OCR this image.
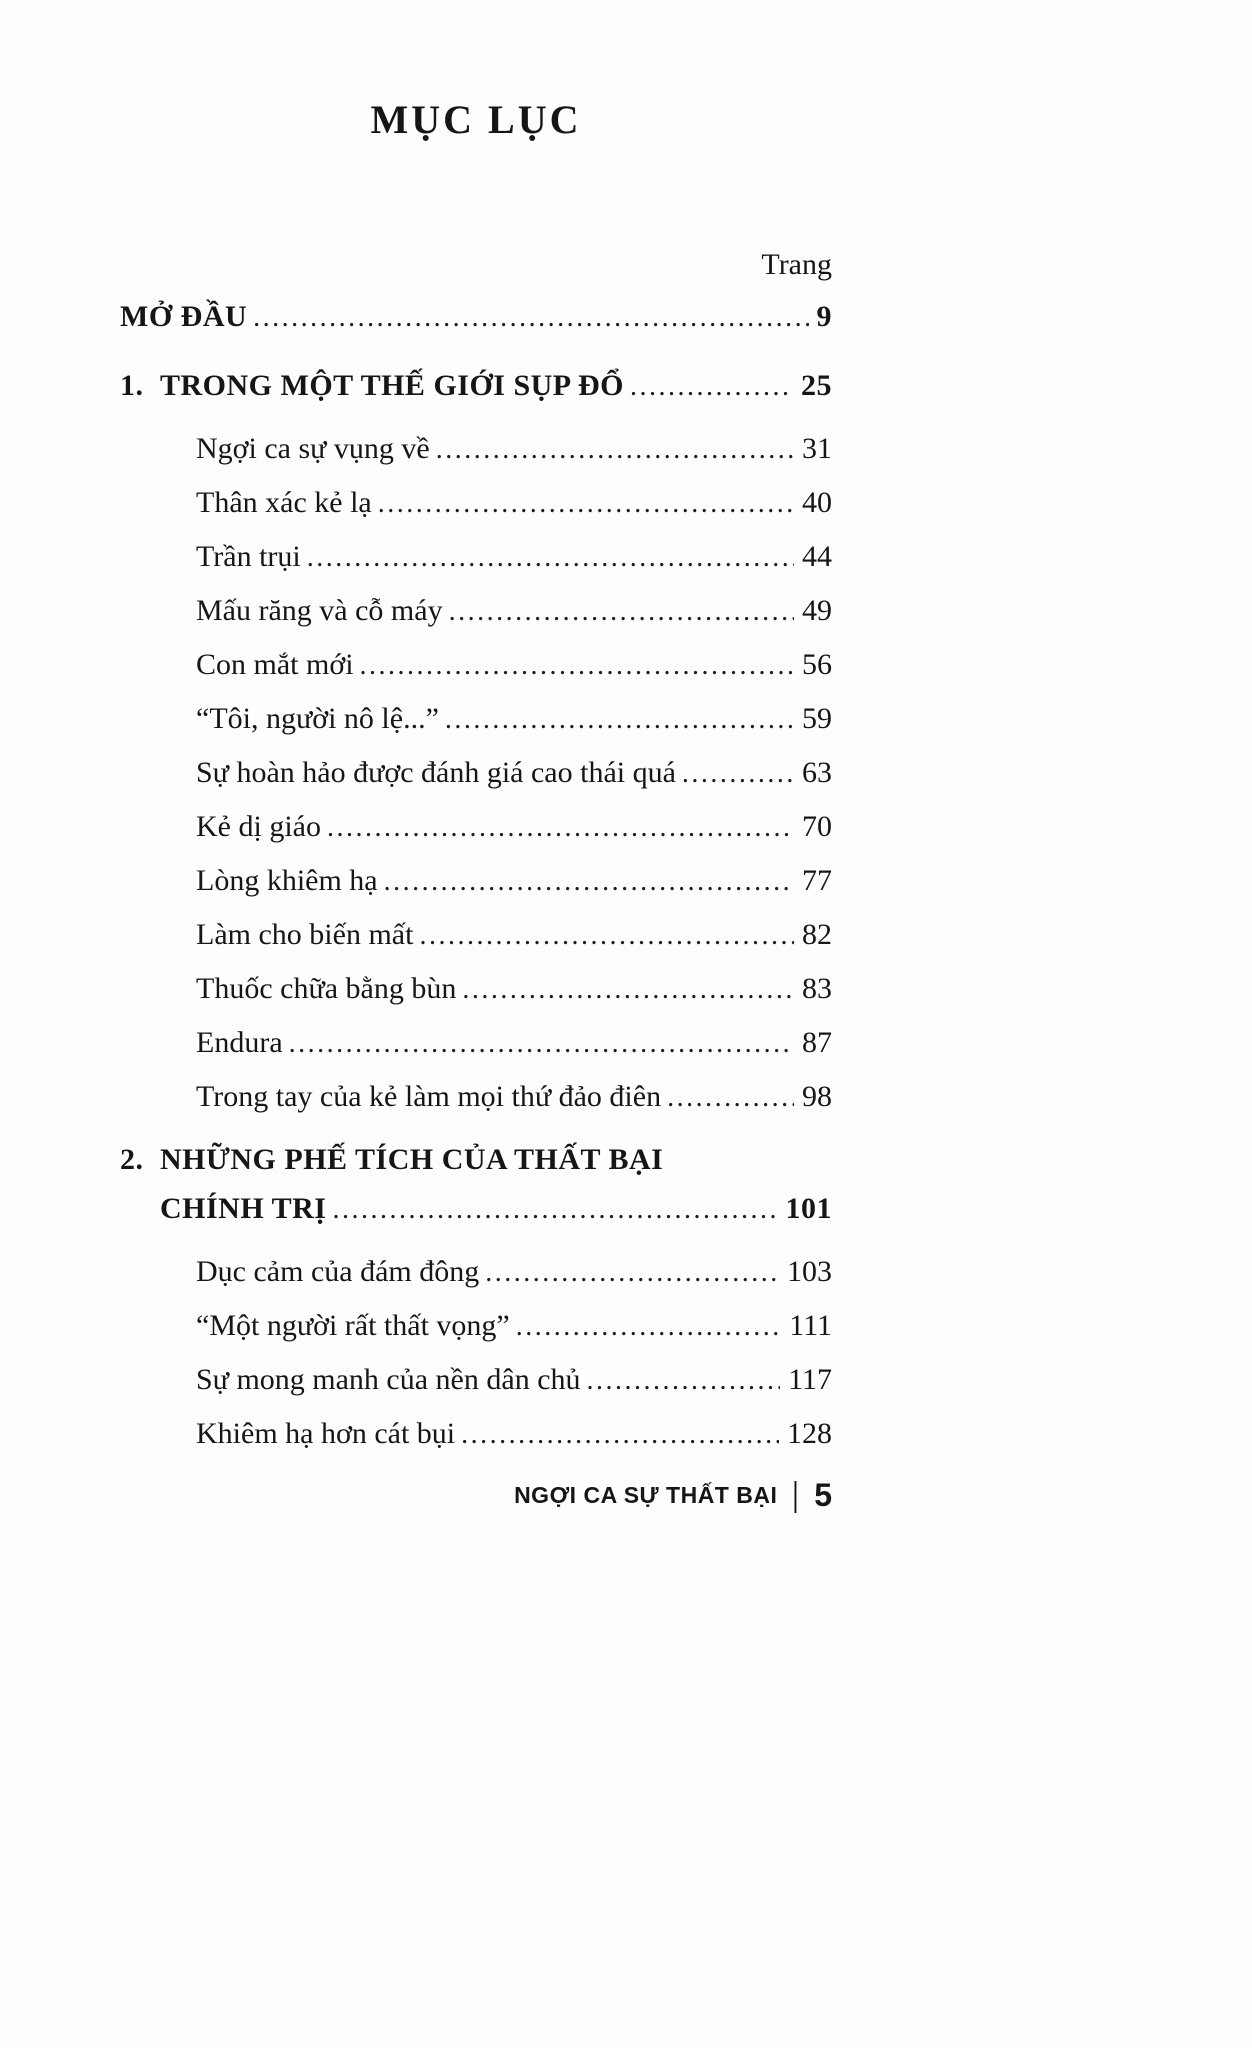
MỤC LỤC
Trang
MỞ ĐẦU .....	9
1. TRONG MỘT THẾ GIỚI SỤP ĐỔ .....	25
Ngợi ca sự vụng về .....	31
Thân xác kẻ lạ .....	40
Trần trụi .....	44
Mấu răng và cỗ máy .....	49
Con mắt mới .....	56
“Tôi, người nô lệ...” .....	59
Sự hoàn hảo được đánh giá cao thái quá .....	63
Kẻ dị giáo .....	70
Lòng khiêm hạ .....	77
Làm cho biến mất .....	82
Thuốc chữa bằng bùn .....	83
Endura .....	87
Trong tay của kẻ làm mọi thứ đảo điên .....	98
2. NHỮNG PHẾ TÍCH CỦA THẤT BẠI
CHÍNH TRỊ .....	101
Dục cảm của đám đông .....	103
“Một người rất thất vọng” .....	111
Sự mong manh của nền dân chủ .....	117
Khiêm hạ hơn cát bụi .....	128
NGỢI CA SỰ THẤT BẠI | 5
